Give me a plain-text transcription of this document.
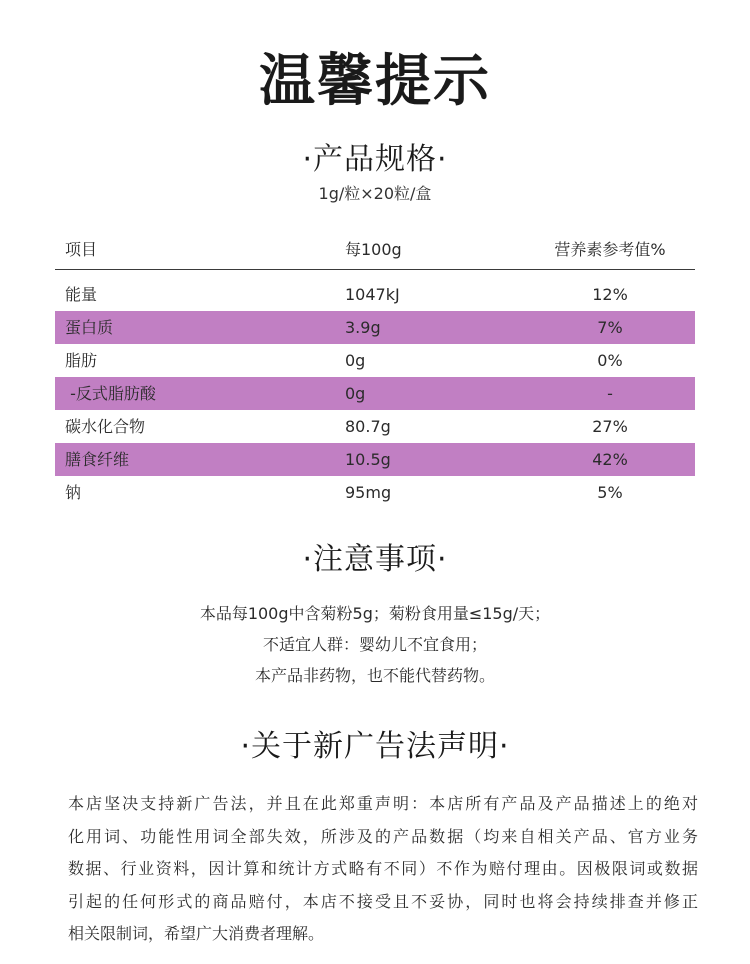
温馨提示
·产品规格·
1g/粒×20粒/盒
项目	每100g	营养素参考值%
能量	1047kJ	12%
蛋白质	3.9g	7%
脂肪	0g	0%
-反式脂肪酸	0g	-
碳水化合物	80.7g	27%
膳食纤维	10.5g	42%
钠	95mg	5%
·注意事项·
本品每100g中含菊粉5g；菊粉食用量≤15g/天；
不适宜人群：婴幼儿不宜食用；
本产品非药物，也不能代替药物。
·关于新广告法声明·
本店坚决支持新广告法，并且在此郑重声明：本店所有产品及产品描述上的绝对
化用词、功能性用词全部失效，所涉及的产品数据（均来自相关产品、官方业务
数据、行业资料，因计算和统计方式略有不同）不作为赔付理由。因极限词或数据
引起的任何形式的商品赔付，本店不接受且不妥协，同时也将会持续排查并修正
相关限制词，希望广大消费者理解。
